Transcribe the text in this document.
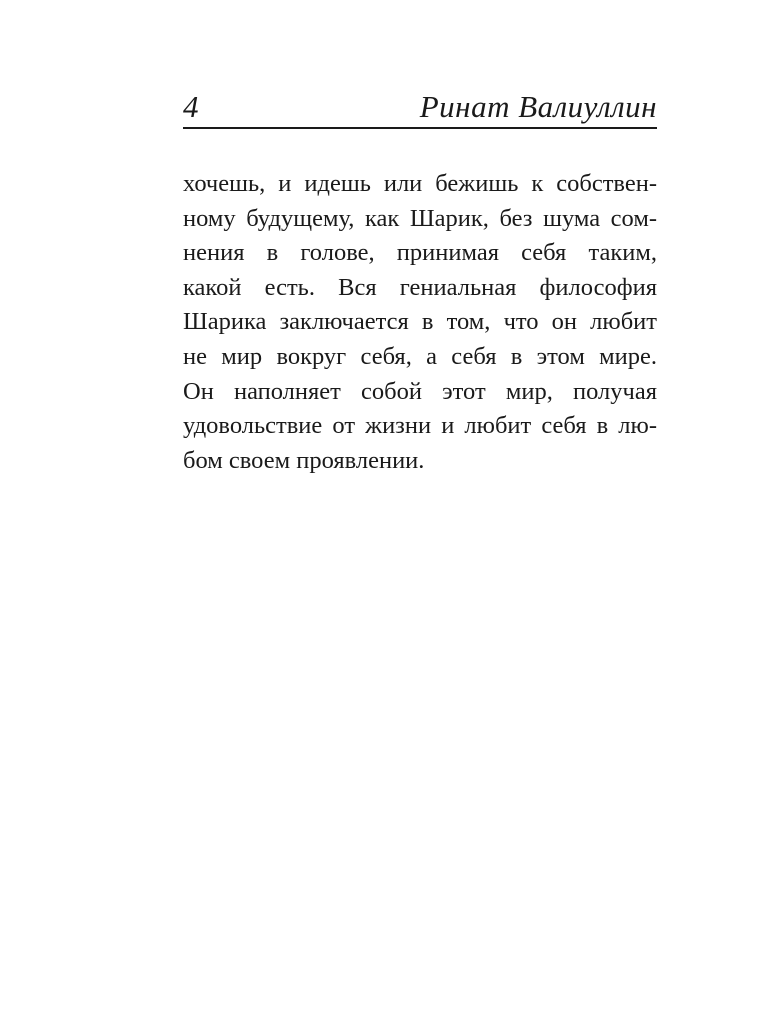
4	Ринат Валиуллин
хочешь, и идешь или бежишь к собствен-
ному будущему, как Шарик, без шума сом-
нения в голове, принимая себя таким,
какой есть. Вся гениальная философия
Шарика заключается в том, что он любит
не мир вокруг себя, а себя в этом мире.
Он наполняет собой этот мир, получая
удовольствие от жизни и любит себя в лю-
бом своем проявлении.
